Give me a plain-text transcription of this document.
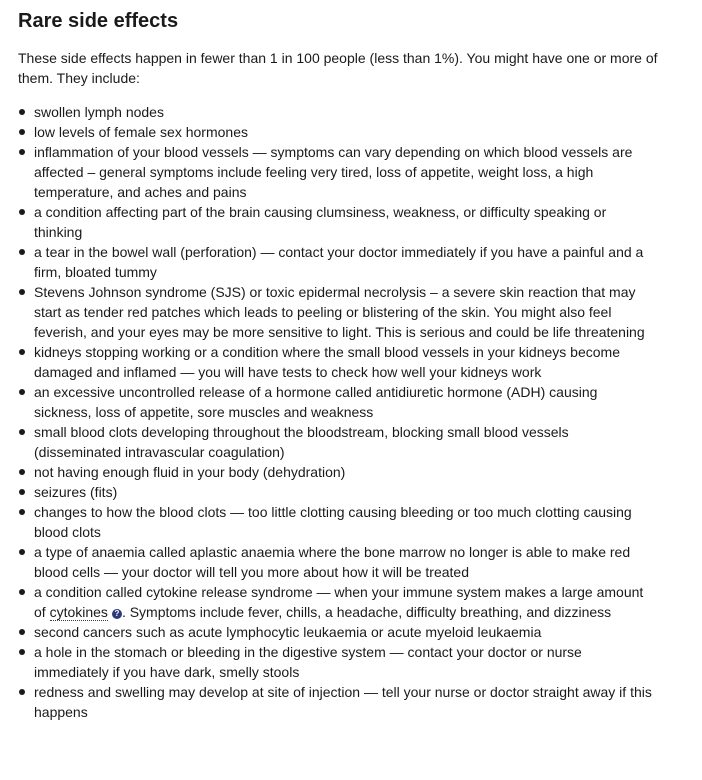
Rare side effects

These side effects happen in fewer than 1 in 100 people (less than 1%). You might have one or more of them. They include:

swollen lymph nodes
low levels of female sex hormones
inflammation of your blood vessels — symptoms can vary depending on which blood vessels are affected – general symptoms include feeling very tired, loss of appetite, weight loss, a high temperature, and aches and pains
a condition affecting part of the brain causing clumsiness, weakness, or difficulty speaking or thinking
a tear in the bowel wall (perforation) — contact your doctor immediately if you have a painful and a firm, bloated tummy
Stevens Johnson syndrome (SJS) or toxic epidermal necrolysis – a severe skin reaction that may start as tender red patches which leads to peeling or blistering of the skin. You might also feel feverish, and your eyes may be more sensitive to light. This is serious and could be life threatening
kidneys stopping working or a condition where the small blood vessels in your kidneys become damaged and inflamed — you will have tests to check how well your kidneys work
an excessive uncontrolled release of a hormone called antidiuretic hormone (ADH) causing sickness, loss of appetite, sore muscles and weakness
small blood clots developing throughout the bloodstream, blocking small blood vessels (disseminated intravascular coagulation)
not having enough fluid in your body (dehydration)
seizures (fits)
changes to how the blood clots — too little clotting causing bleeding or too much clotting causing blood clots
a type of anaemia called aplastic anaemia where the bone marrow no longer is able to make red blood cells — your doctor will tell you more about how it will be treated
a condition called cytokine release syndrome — when your immune system makes a large amount of cytokines ? . Symptoms include fever, chills, a headache, difficulty breathing, and dizziness
second cancers such as acute lymphocytic leukaemia or acute myeloid leukaemia
a hole in the stomach or bleeding in the digestive system — contact your doctor or nurse immediately if you have dark, smelly stools
redness and swelling may develop at site of injection — tell your nurse or doctor straight away if this happens
